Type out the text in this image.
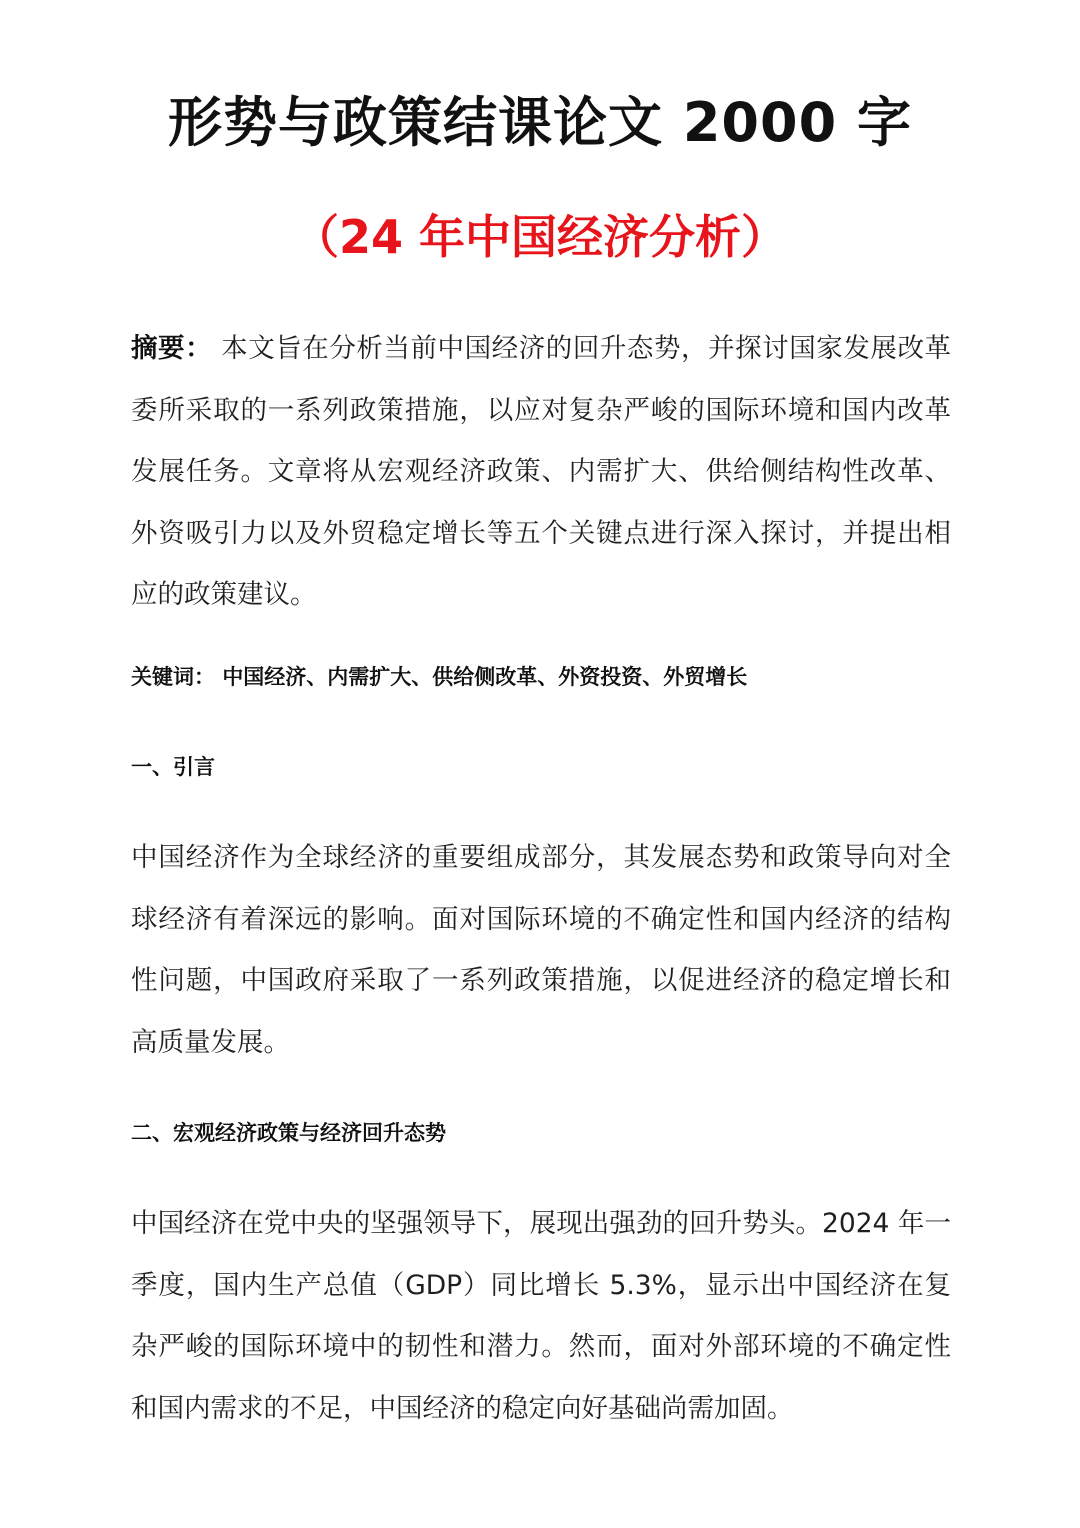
形势与政策结课论文 2000 字
（24 年中国经济分析）

摘要： 本文旨在分析当前中国经济的回升态势，并探讨国家发展改革委所采取的一系列政策措施，以应对复杂严峻的国际环境和国内改革发展任务。文章将从宏观经济政策、内需扩大、供给侧结构性改革、外资吸引力以及外贸稳定增长等五个关键点进行深入探讨，并提出相应的政策建议。

关键词： 中国经济、内需扩大、供给侧改革、外资投资、外贸增长

一、引言

中国经济作为全球经济的重要组成部分，其发展态势和政策导向对全球经济有着深远的影响。面对国际环境的不确定性和国内经济的结构性问题，中国政府采取了一系列政策措施，以促进经济的稳定增长和高质量发展。

二、宏观经济政策与经济回升态势

中国经济在党中央的坚强领导下，展现出强劲的回升势头。2024 年一季度，国内生产总值（GDP）同比增长 5.3%，显示出中国经济在复杂严峻的国际环境中的韧性和潜力。然而，面对外部环境的不确定性和国内需求的不足，中国经济的稳定向好基础尚需加固。
